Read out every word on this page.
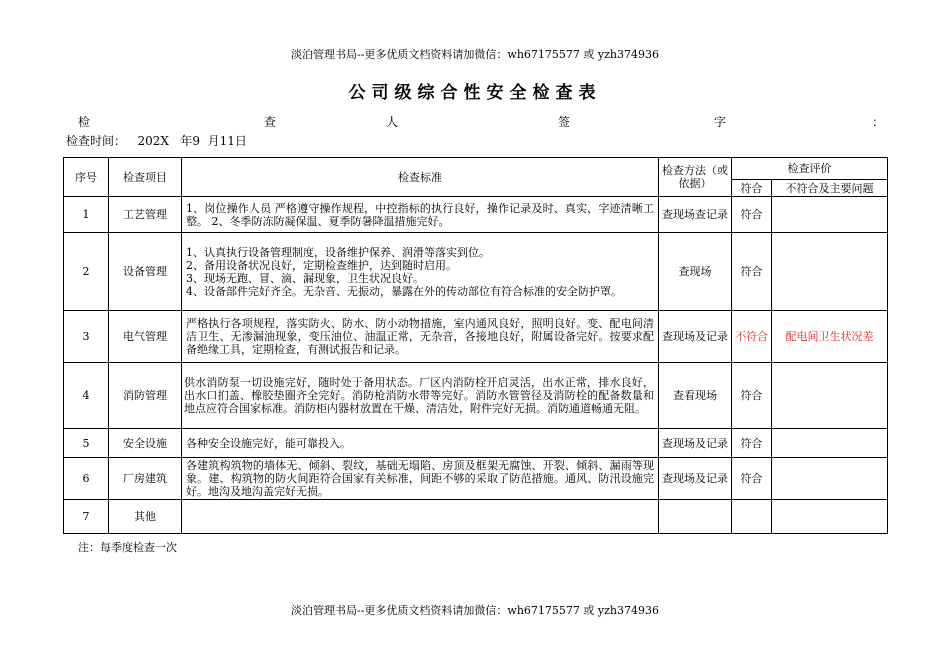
淡泊管理书局--更多优质文档资料请加微信：wh67175577 或 yzh374936
公司级综合性安全检查表
检	查	人	签	字	：
检查时间：   202X   年9  月11日
序号	检查项目	检查标准	检查方法（或依据）	检查评价	
				符合	不符合及主要问题
1	工艺管理	1、岗位操作人员 严格遵守操作规程，中控指标的执行良好，操作记录及时、真实，字迹清晰工整。 2、冬季防冻防凝保温、夏季防暑降温措施完好。	查现场查记录	符合	
2	设备管理	1、认真执行设备管理制度，设备维护保养、润滑等落实到位。
2、备用设备状况良好，定期检查维护，达到随时启用。
3、现场无跑、冒、滴、漏现象，卫生状况良好。
4、设备部件完好齐全。无杂音、无振动，暴露在外的传动部位有符合标准的安全防护罩。	查现场	符合	
3	电气管理	严格执行各项规程，落实防火、防水、防小动物措施，室内通风良好，照明良好。变、配电间清洁卫生、无渗漏油现象，变压油位、油温正常，无杂音，各接地良好，附属设备完好。按要求配备绝缘工具，定期检查，有测试报告和记录。	查现场及记录	不符合	配电间卫生状况差
4	消防管理	供水消防泵一切设施完好，随时处于备用状态。厂区内消防栓开启灵活，出水正常，排水良好，出水口扪盖、橡胶垫圈齐全完好。消防枪消防水带等完好。消防水管管径及消防栓的配备数量和地点应符合国家标准。消防柜内器材放置在干燥、清洁处，附件完好无损。消防通道畅通无阻。	查看现场	符合	
5	安全设施	各种安全设施完好，能可靠投入。	查现场及记录	符合	
6	厂房建筑	各建筑构筑物的墙体无、倾斜、裂纹，基础无塌陷、房顶及框架无腐蚀、开裂、倾斜、漏雨等现象。建、构筑物的防火间距符合国家有关标准，间距不够的采取了防范措施。通风、防汛设施完好。地沟及地沟盖完好无损。	查现场及记录	符合	
7	其他				
注：每季度检查一次
淡泊管理书局--更多优质文档资料请加微信：wh67175577 或 yzh374936
